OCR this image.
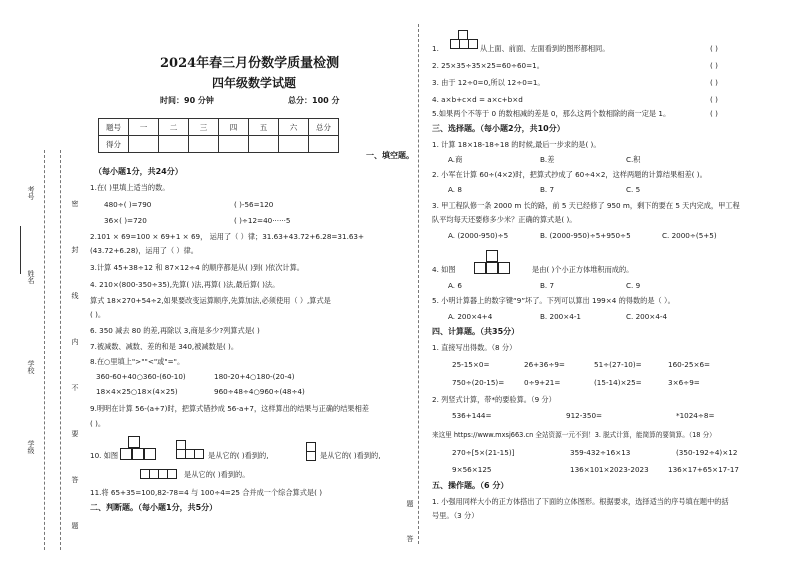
考号
姓名
学校
学级
密
封
线
内
不
要
答
题
2024年春三月份数学质量检测
四年级数学试题
时间：90 分钟	总分：100 分
题号	一	二	三	四	五	六	总分
得分							
一、填空题。
（每小题1分，共24分）
1.在( )里填上适当的数。
480÷( )=790	( )-56=120
36×( )=720	( )÷12=40······5
2.101 × 69=100 × 69+1 × 69， 运用了（ ）律；31.63+43.72+6.28=31.63+
(43.72+6.28)，运用了（ ）律。
3.计算 45+38÷12 和 87×12÷4 的顺序都是从( )到( )依次计算。
4. 210×(800-350÷35),先算( )法,再算( )法,最后算( )法。
算式 18×270+54÷2,如果要改变运算顺序,先算加法,必须使用（ ）,算式是
( )。
6. 350 减去 80 的差,再除以 3,商是多少?列算式是( )
7.被减数、减数、差的和是 340,被减数是( )。
8.在○里填上">""<"或"="。
360-60+40○360-(60-10)	180-20+4○180-(20-4)
18×4×25○18×(4×25)	960÷48÷4○960÷(48÷4)
9.明明在计算 56-(a+7)时，把算式错抄成 56-a+7，这样算出的结果与正确的结果相差
( )。
10. 如图	是从它的( )看到的,	是从它的( )看到的,
是从它的( )看到的。
11.将 65+35=100,82-78=4 与 100÷4=25 合并成一个综合算式是( )
二、判断题。（每小题1分，共5分）	题
答
1.	从上面、前面、左面看到的图形都相同。	( )
2. 25×35÷35×25=60÷60=1。	( )
3. 由于 12÷0=0,所以 12÷0=1。	( )
4. a×b+c×d = a×c+b×d	( )
5.如果两个不等于 0 的数相减的差是 0，那么这两个数相除的商一定是 1。	( )
三、选择题。（每小题2分，共10分）
1. 计算 18×18-18÷18 的时候,最后一步求的是( )。
A.商	B.差	C.积
2. 小军在计算 60÷(4×2)时，把算式抄成了 60÷4×2，这样两题的计算结果相差( )。
A. 8	B. 7	C. 5
3. 甲工程队修一条 2000 m 长的路，前 5 天已经修了 950 m，剩下的要在 5 天内完成，甲工程
队平均每天还要修多少米？正确的算式是( )。
A. (2000-950)÷5	B. (2000-950)÷5+950÷5	C. 2000÷(5+5)
4. 如图	是由( )个小正方体堆积而成的。
A. 6	B. 7	C. 9
5. 小明计算器上的数字键“9”坏了。下列可以算出 199×4 的得数的是（ ）。
A. 200×4+4	B. 200×4-1	C. 200×4-4
四、计算题。（共35分）
1. 直接写出得数。（8 分）
25-15×0=	26+36÷9=	51÷(27-10)=	160-25×6=
750÷(20-15)=	0÷9+21=	(15-14)×25=	3×6÷9=
2. 列竖式计算，带*的要验算。（9 分）
536+144=	912-350=	*1024÷8=
来这里 https://www.mxsj663.cn 全站资源一元不到！3. 脱式计算，能简算的要简算。（18 分）
270÷[5×(21-15)]	359-432÷16×13	(350-192÷4)×12
9×56×125	136×101×2023-2023	136×17+65×17-17
五、操作题。（6 分）
1. 小强用同样大小的正方体搭出了下面的立体图形。根据要求，选择适当的序号填在题中的括
号里。（3 分）
